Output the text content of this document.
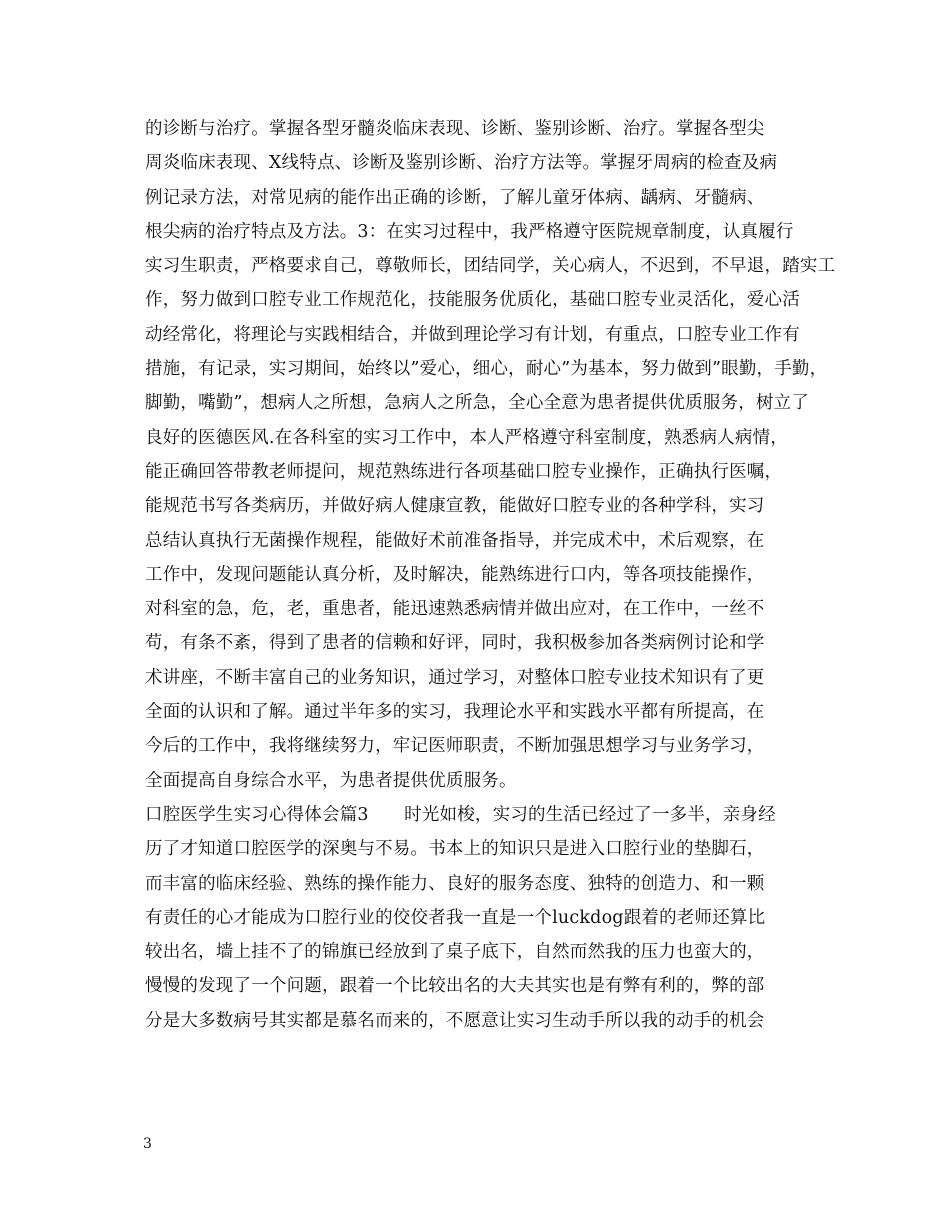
的诊断与治疗。掌握各型牙髓炎临床表现、诊断、鉴别诊断、治疗。掌握各型尖
周炎临床表现、X线特点、诊断及鉴别诊断、治疗方法等。掌握牙周病的检查及病
例记录方法，对常见病的能作出正确的诊断，了解儿童牙体病、龋病、牙髓病、
根尖病的治疗特点及方法。3：在实习过程中，我严格遵守医院规章制度，认真履行
实习生职责，严格要求自己，尊敬师长，团结同学，关心病人，不迟到，不早退，踏实工
作，努力做到口腔专业工作规范化，技能服务优质化，基础口腔专业灵活化，爱心活
动经常化，将理论与实践相结合，并做到理论学习有计划，有重点，口腔专业工作有
措施，有记录，实习期间，始终以”爱心，细心，耐心”为基本，努力做到”眼勤，手勤，
脚勤，嘴勤”，想病人之所想，急病人之所急，全心全意为患者提供优质服务，树立了
良好的医德医风.在各科室的实习工作中，本人严格遵守科室制度，熟悉病人病情，
能正确回答带教老师提问，规范熟练进行各项基础口腔专业操作，正确执行医嘱，
能规范书写各类病历，并做好病人健康宣教，能做好口腔专业的各种学科，实习
总结认真执行无菌操作规程，能做好术前准备指导，并完成术中，术后观察，在
工作中，发现问题能认真分析，及时解决，能熟练进行口内，等各项技能操作，
对科室的急，危，老，重患者，能迅速熟悉病情并做出应对，在工作中，一丝不
苟，有条不紊，得到了患者的信赖和好评，同时，我积极参加各类病例讨论和学
术讲座，不断丰富自己的业务知识，通过学习，对整体口腔专业技术知识有了更
全面的认识和了解。通过半年多的实习，我理论水平和实践水平都有所提高，在
今后的工作中，我将继续努力，牢记医师职责，不断加强思想学习与业务学习，
全面提高自身综合水平，为患者提供优质服务。
口腔医学生实习心得体会篇3　　时光如梭，实习的生活已经过了一多半，亲身经
历了才知道口腔医学的深奥与不易。书本上的知识只是进入口腔行业的垫脚石，
而丰富的临床经验、熟练的操作能力、良好的服务态度、独特的创造力、和一颗
有责任的心才能成为口腔行业的佼佼者我一直是一个luckdog跟着的老师还算比
较出名，墙上挂不了的锦旗已经放到了桌子底下，自然而然我的压力也蛮大的，
慢慢的发现了一个问题，跟着一个比较出名的大夫其实也是有弊有利的，弊的部
分是大多数病号其实都是慕名而来的，不愿意让实习生动手所以我的动手的机会
3
